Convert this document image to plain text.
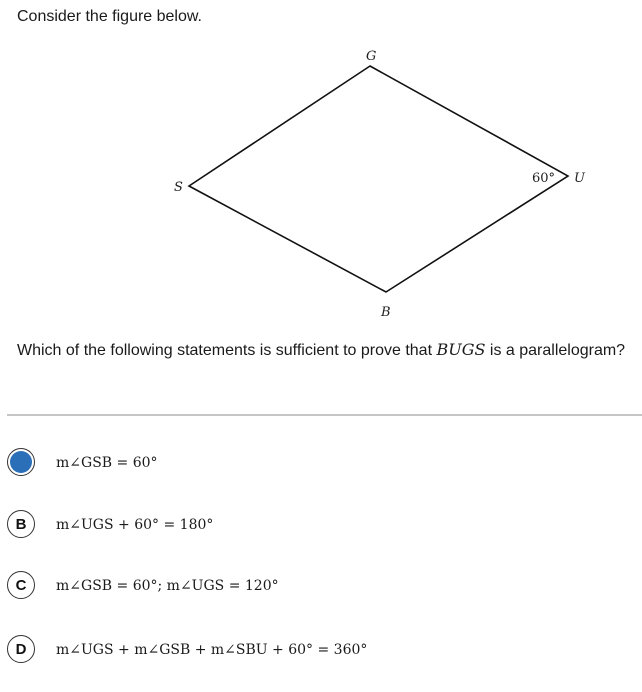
Consider the figure below.
G
U
B
S
60°
Which of the following statements is sufficient to prove that BUGS is a parallelogram?
m∠GSB = 60°
B	m∠UGS + 60° = 180°
C	m∠GSB = 60°; m∠UGS = 120°
D	m∠UGS + m∠GSB + m∠SBU + 60° = 360°
